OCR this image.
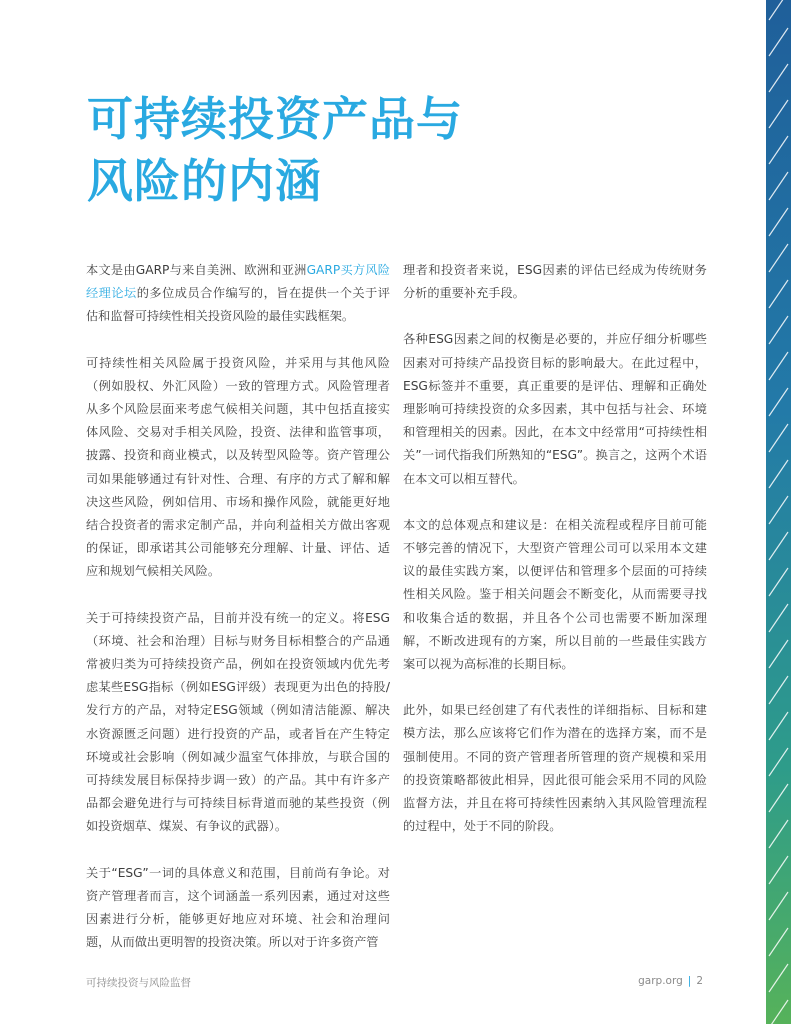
可持续投资产品与
风险的内涵

本文是由GARP与来自美洲、欧洲和亚洲GARP买方风险经理论坛的多位成员合作编写的，旨在提供一个关于评估和监督可持续性相关投资风险的最佳实践框架。

可持续性相关风险属于投资风险，并采用与其他风险（例如股权、外汇风险）一致的管理方式。风险管理者从多个风险层面来考虑气候相关问题，其中包括直接实体风险、交易对手相关风险，投资、法律和监管事项，披露、投资和商业模式，以及转型风险等。资产管理公司如果能够通过有针对性、合理、有序的方式了解和解决这些风险，例如信用、市场和操作风险，就能更好地结合投资者的需求定制产品，并向利益相关方做出客观的保证，即承诺其公司能够充分理解、计量、评估、适应和规划气候相关风险。

关于可持续投资产品，目前并没有统一的定义。将ESG（环境、社会和治理）目标与财务目标相整合的产品通常被归类为可持续投资产品，例如在投资领域内优先考虑某些ESG指标（例如ESG评级）表现更为出色的持股/发行方的产品，对特定ESG领域（例如清洁能源、解决水资源匮乏问题）进行投资的产品，或者旨在产生特定环境或社会影响（例如减少温室气体排放，与联合国的可持续发展目标保持步调一致）的产品。其中有许多产品都会避免进行与可持续目标背道而驰的某些投资（例如投资烟草、煤炭、有争议的武器）。

关于“ESG”一词的具体意义和范围，目前尚有争论。对资产管理者而言，这个词涵盖一系列因素，通过对这些因素进行分析，能够更好地应对环境、社会和治理问题，从而做出更明智的投资决策。所以对于许多资产管

理者和投资者来说，ESG因素的评估已经成为传统财务分析的重要补充手段。

各种ESG因素之间的权衡是必要的，并应仔细分析哪些因素对可持续产品投资目标的影响最大。在此过程中，ESG标签并不重要，真正重要的是评估、理解和正确处理影响可持续投资的众多因素，其中包括与社会、环境和管理相关的因素。因此，在本文中经常用“可持续性相关”一词代指我们所熟知的“ESG”。换言之，这两个术语在本文可以相互替代。

本文的总体观点和建议是：在相关流程或程序目前可能不够完善的情况下，大型资产管理公司可以采用本文建议的最佳实践方案，以便评估和管理多个层面的可持续性相关风险。鉴于相关问题会不断变化，从而需要寻找和收集合适的数据，并且各个公司也需要不断加深理解，不断改进现有的方案，所以目前的一些最佳实践方案可以视为高标准的长期目标。

此外，如果已经创建了有代表性的详细指标、目标和建模方法，那么应该将它们作为潜在的选择方案，而不是强制使用。不同的资产管理者所管理的资产规模和采用的投资策略都彼此相异，因此很可能会采用不同的风险监督方法，并且在将可持续性因素纳入其风险管理流程的过程中，处于不同的阶段。

可持续投资与风险监督	garp.org | 2
